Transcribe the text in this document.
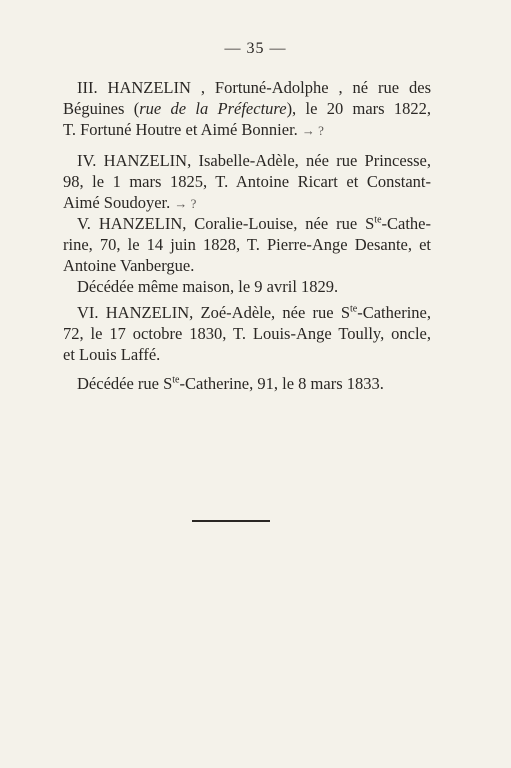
— 35 —
III. HANZELIN , Fortuné-Adolphe , né rue des
Béguines (rue de la Préfecture), le 20 mars 1822,
T. Fortuné Houtre et Aimé Bonnier. → ?
IV. HANZELIN, Isabelle-Adèle, née rue Princesse,
98, le 1 mars 1825, T. Antoine Ricart et Constant-
Aimé Soudoyer. → ?
V. HANZELIN, Coralie-Louise, née rue $S^{te}-Cathe-$
rine, 70, le 14 juin 1828, T. Pierre-Ange Desante, et
Antoine Vanbergue.
Décédée même maison, le 9 avril 1829.
VI. HANZELIN, Zoé-Adèle, née rue $S^{te}$-Catherine,
72, le 17 octobre 1830, T. Louis-Ange Toully, oncle,
et Louis Laffé.
Décédée rue $S^{te}$-Catherine, 91, le 8 mars 1833.
